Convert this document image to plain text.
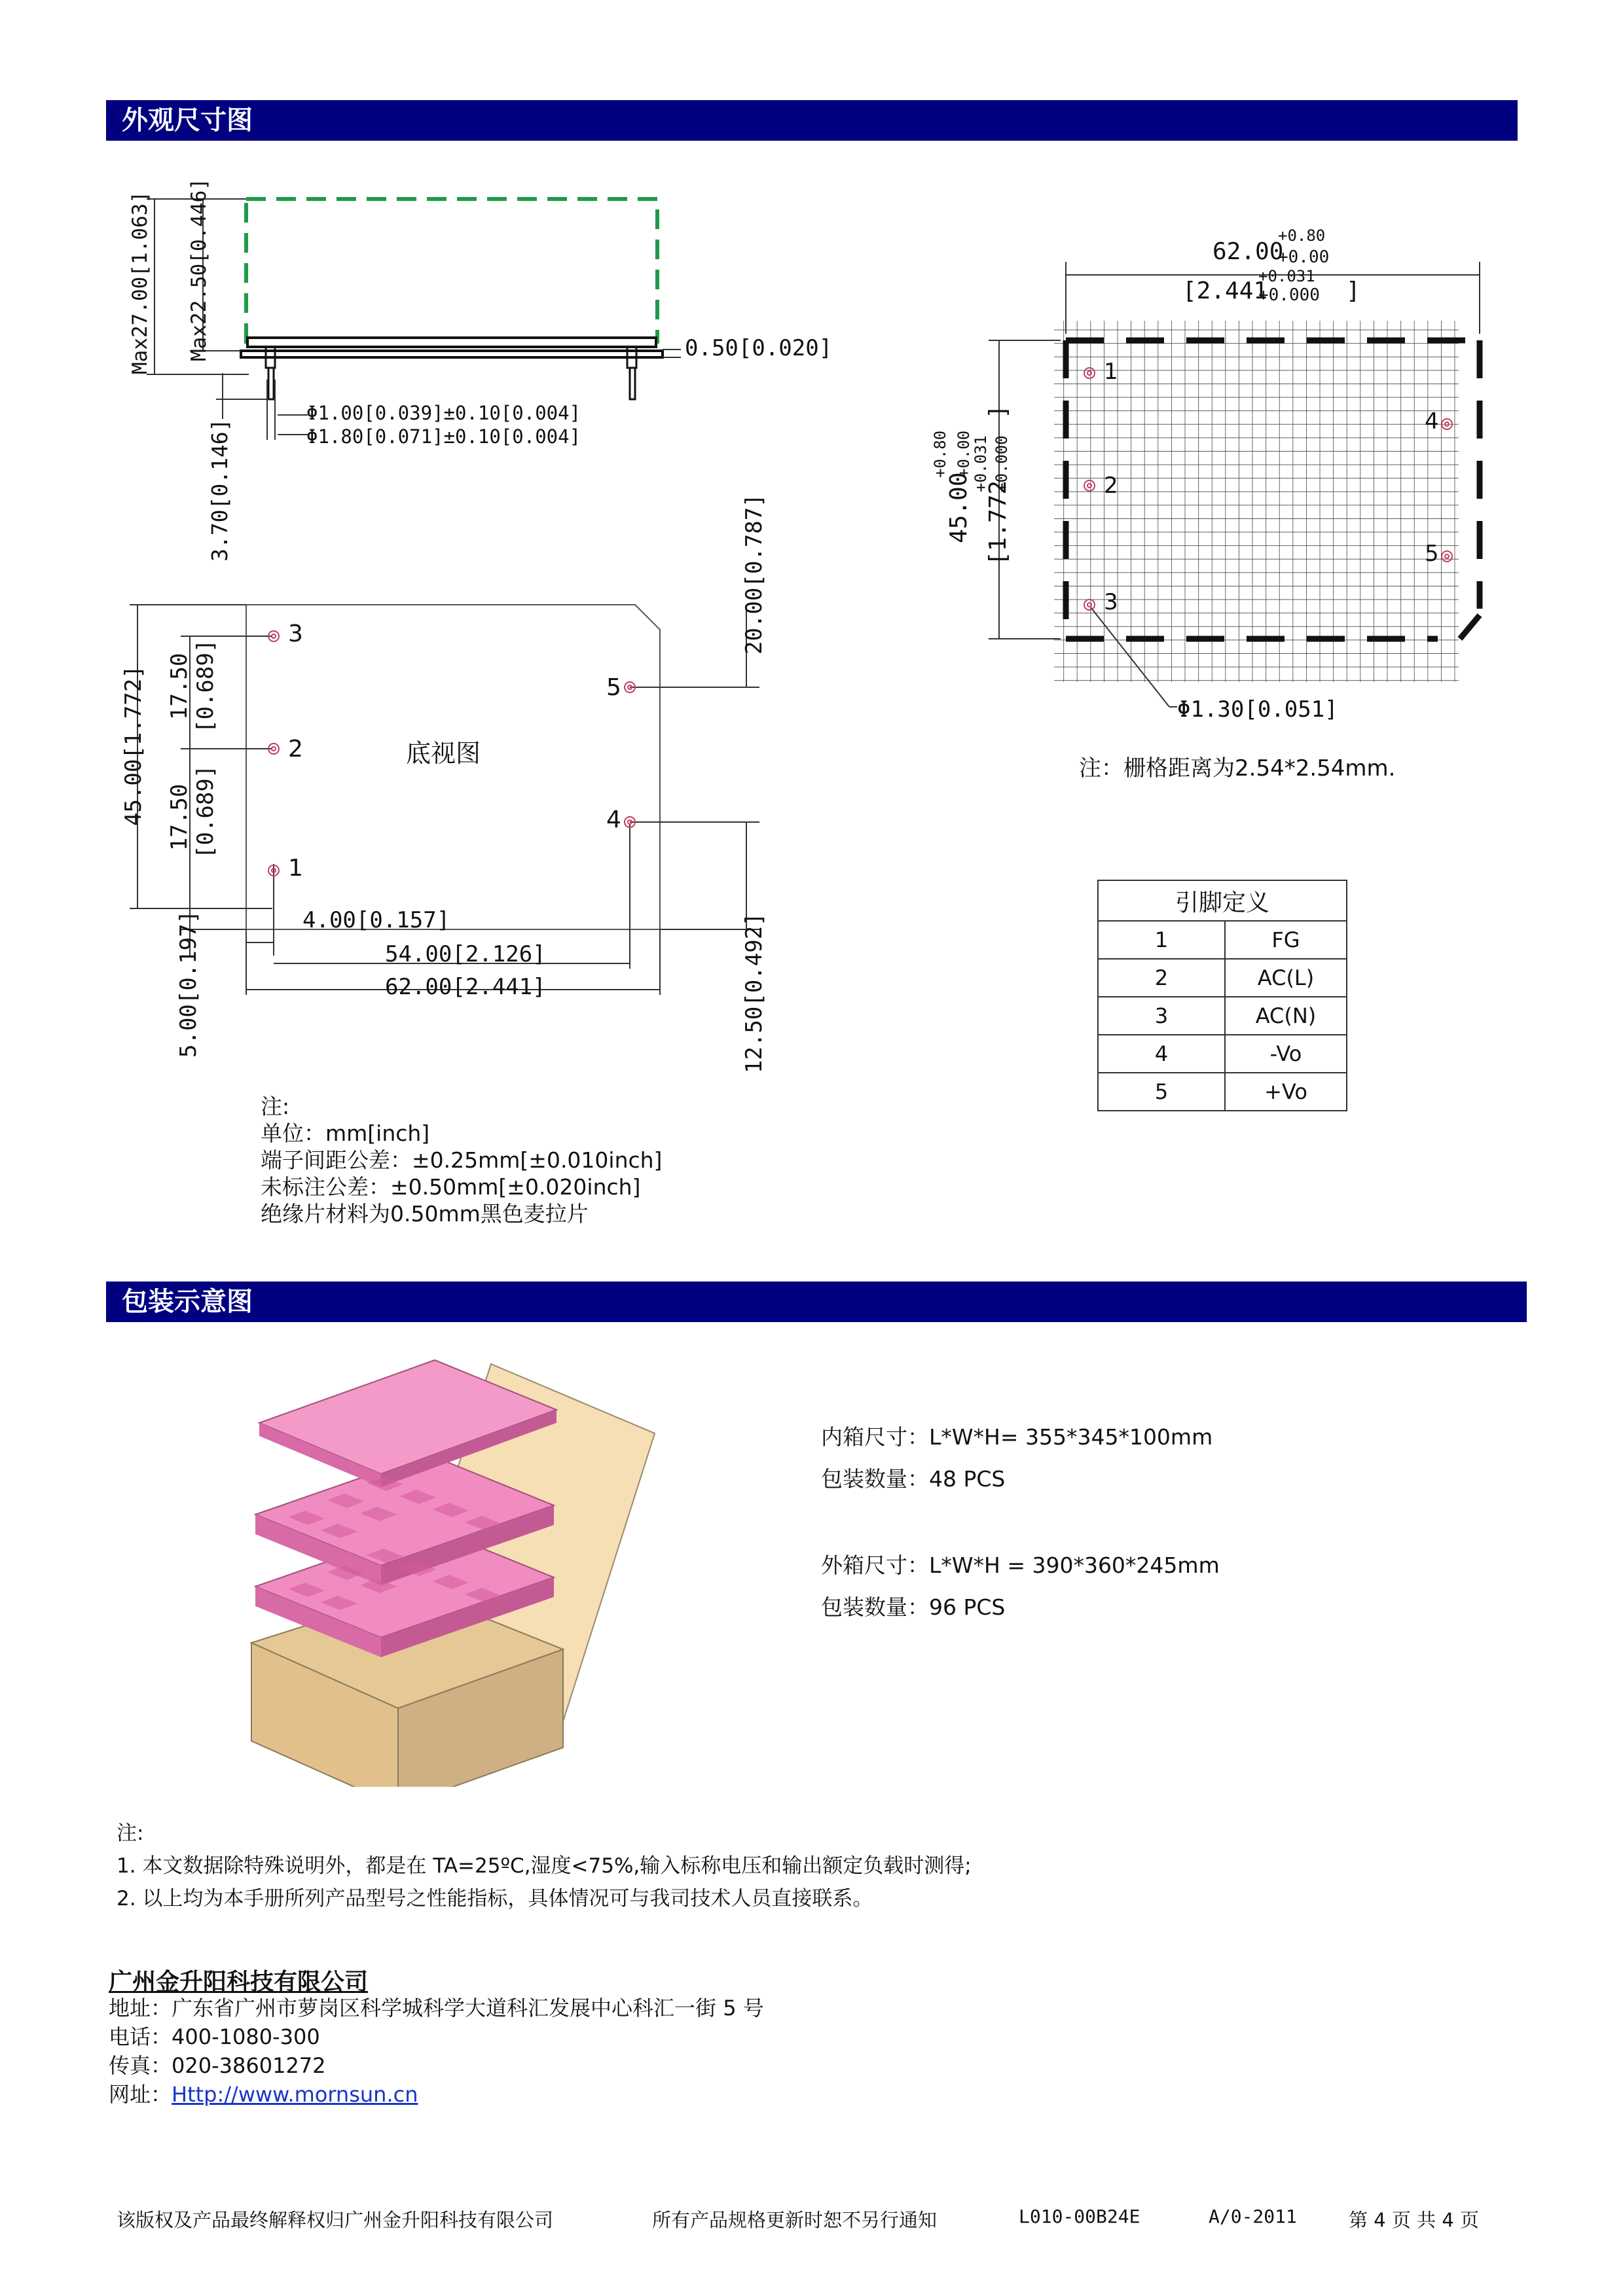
外观尺寸图
包装示意图
Max27.00[1.063] Max22.50[0.446]	0.50[0.020]
Φ1.00[0.039]±0.10[0.004]
Φ1.80[0.071]±0.10[0.004]
3.70[0.146]
3
2
1
5
4
底视图
45.00[1.772] 17.50 [0.689]
17.50 [0.689]
5.00[0.197]	4.00[0.157]
54.00[2.126]
62.00[2.441]
20.00[0.787]
12.50[0.492]
1
2
3
4
5
62.00
+0.80
+0.00
[2.441
+0.031
+0.000 ]
45.00
+0.80 +0.00
[1.772
+0.031 +0.000
]
Φ1.30[0.051]
注：栅格距离为2.54*2.54mm.
引脚定义	
1	FG
2	AC(L)
3	AC(N)
4	-Vo
5	+Vo
注:
单位：mm[inch]
端子间距公差：±0.25mm[±0.010inch]
未标注公差：±0.50mm[±0.020inch]
绝缘片材料为0.50mm黑色麦拉片
内箱尺寸：L*W*H= 355*345*100mm
包装数量：48 PCS
外箱尺寸：L*W*H = 390*360*245mm
包装数量：96 PCS
注:
1. 本文数据除特殊说明外，都是在 TA=25ºC,湿度<75%,输入标称电压和输出额定负载时测得;
2. 以上均为本手册所列产品型号之性能指标，具体情况可与我司技术人员直接联系。
广州金升阳科技有限公司
地址：广东省广州市萝岗区科学城科学大道科汇发展中心科汇一街 5 号
电话：400-1080-300
传真：020-38601272
网址：Http://www.mornsun.cn
该版权及产品最终解释权归广州金升阳科技有限公司	所有产品规格更新时恕不另行通知	L010-00B24E	A/0-2011	第 4 页 共 4 页
